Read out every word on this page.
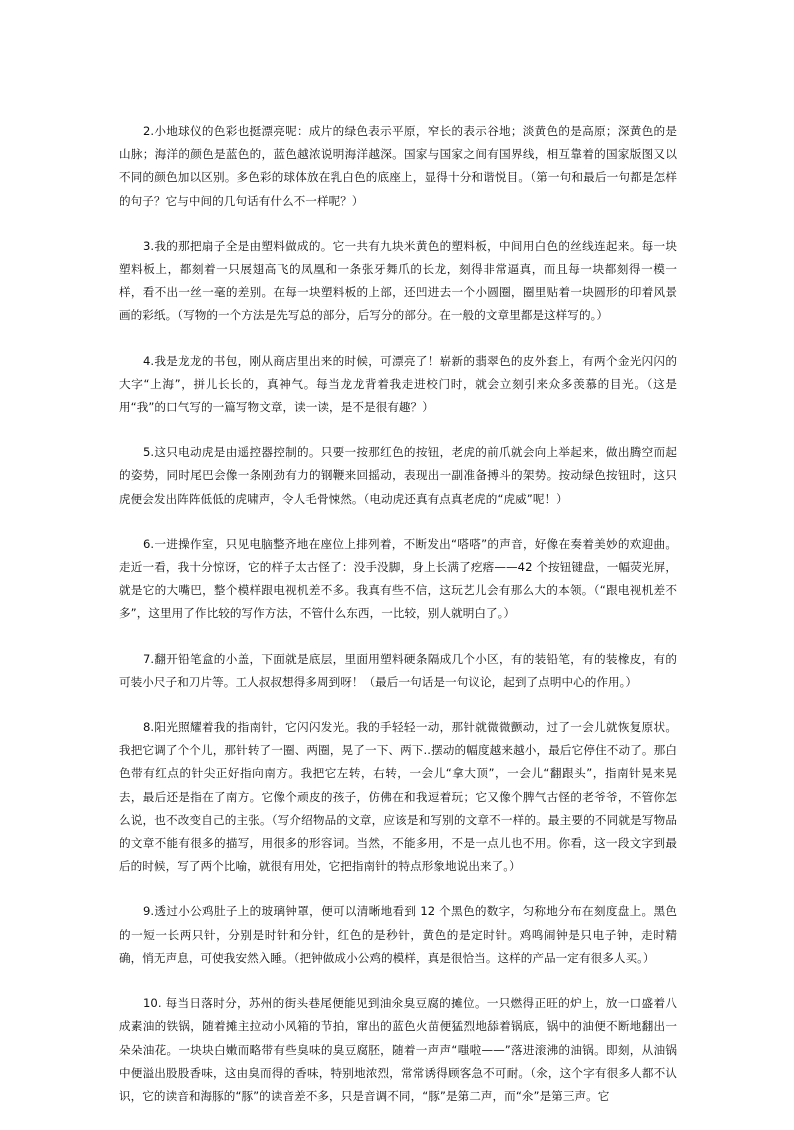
2.小地球仪的色彩也挺漂亮呢：成片的绿色表示平原，窄长的表示谷地；淡黄色的是高原；深黄色的是山脉；海洋的颜色是蓝色的，蓝色越浓说明海洋越深。国家与国家之间有国界线，相互靠着的国家版图又以不同的颜色加以区别。多色彩的球体放在乳白色的底座上，显得十分和谐悦目。（第一句和最后一句都是怎样的句子？它与中间的几句话有什么不一样呢？）

3.我的那把扇子全是由塑料做成的。它一共有九块米黄色的塑料板，中间用白色的丝线连起来。每一块塑料板上，都刻着一只展翅高飞的凤凰和一条张牙舞爪的长龙，刻得非常逼真，而且每一块都刻得一模一样，看不出一丝一毫的差别。在每一块塑料板的上部，还凹进去一个小圆圈，圈里贴着一块圆形的印着风景画的彩纸。（写物的一个方法是先写总的部分，后写分的部分。在一般的文章里都是这样写的。）

4.我是龙龙的书包，刚从商店里出来的时候，可漂亮了！崭新的翡翠色的皮外套上，有两个金光闪闪的大字“上海”，拼儿长长的，真神气。每当龙龙背着我走进校门时，就会立刻引来众多羡慕的目光。（这是用“我”的口气写的一篇写物文章，读一读，是不是很有趣？）

5.这只电动虎是由遥控器控制的。只要一按那红色的按钮，老虎的前爪就会向上举起来，做出腾空而起的姿势，同时尾巴会像一条刚劲有力的钢鞭来回摇动，表现出一副准备搏斗的架势。按动绿色按钮时，这只虎便会发出阵阵低低的虎啸声，令人毛骨悚然。（电动虎还真有点真老虎的“虎威”呢！）

6.一进操作室，只见电脑整齐地在座位上排列着，不断发出“嗒嗒”的声音，好像在奏着美妙的欢迎曲。走近一看，我十分惊讶，它的样子太古怪了：没手没脚，身上长满了疙瘩——42 个按钮键盘，一幅荧光屏，就是它的大嘴巴，整个模样跟电视机差不多。我真有些不信，这玩艺儿会有那么大的本领。（“跟电视机差不多”，这里用了作比较的写作方法，不管什么东西，一比较，别人就明白了。）

7.翻开铅笔盒的小盖，下面就是底层，里面用塑料硬条隔成几个小区，有的装铅笔，有的装橡皮，有的可装小尺子和刀片等。工人叔叔想得多周到呀！（最后一句话是一句议论，起到了点明中心的作用。）

8.阳光照耀着我的指南针，它闪闪发光。我的手轻轻一动，那针就微微颤动，过了一会儿就恢复原状。我把它调了个个儿，那针转了一圈、两圈，晃了一下、两下..摆动的幅度越来越小，最后它停住不动了。那白色带有红点的针尖正好指向南方。我把它左转，右转，一会儿“拿大顶”，一会儿“翻跟头”，指南针晃来晃去，最后还是指在了南方。它像个顽皮的孩子，仿佛在和我逗着玩；它又像个脾气古怪的老爷爷，不管你怎么说，也不改变自己的主张。（写介绍物品的文章，应该是和写别的文章不一样的。最主要的不同就是写物品的文章不能有很多的描写，用很多的形容词。当然，不能多用，不是一点儿也不用。你看，这一段文字到最后的时候，写了两个比喻，就很有用处，它把指南针的特点形象地说出来了。）

9.透过小公鸡肚子上的玻璃钟罩，便可以清晰地看到 12 个黑色的数字，匀称地分布在刻度盘上。黑色的一短一长两只针，分别是时针和分针，红色的是秒针，黄色的是定时针。鸡鸣闹钟是只电子钟，走时精确，悄无声息，可使我安然入睡。（把钟做成小公鸡的模样，真是很恰当。这样的产品一定有很多人买。）

10. 每当日落时分，苏州的街头巷尾便能见到油氽臭豆腐的摊位。一只燃得正旺的炉上，放一口盛着八成素油的铁锅，随着摊主拉动小风箱的节拍，窜出的蓝色火苗便猛烈地舔着锅底，锅中的油便不断地翻出一朵朵油花。一块块白嫩而略带有些臭味的臭豆腐胚，随着一声声“嗤啦——”落进滚沸的油锅。即刻，从油锅中便溢出股股香味，这由臭而得的香味，特别地浓烈，常常诱得顾客急不可耐。（氽，这个字有很多人都不认识，它的读音和海豚的“豚”的读音差不多，只是音调不同，“豚”是第二声，而“氽”是第三声。它
